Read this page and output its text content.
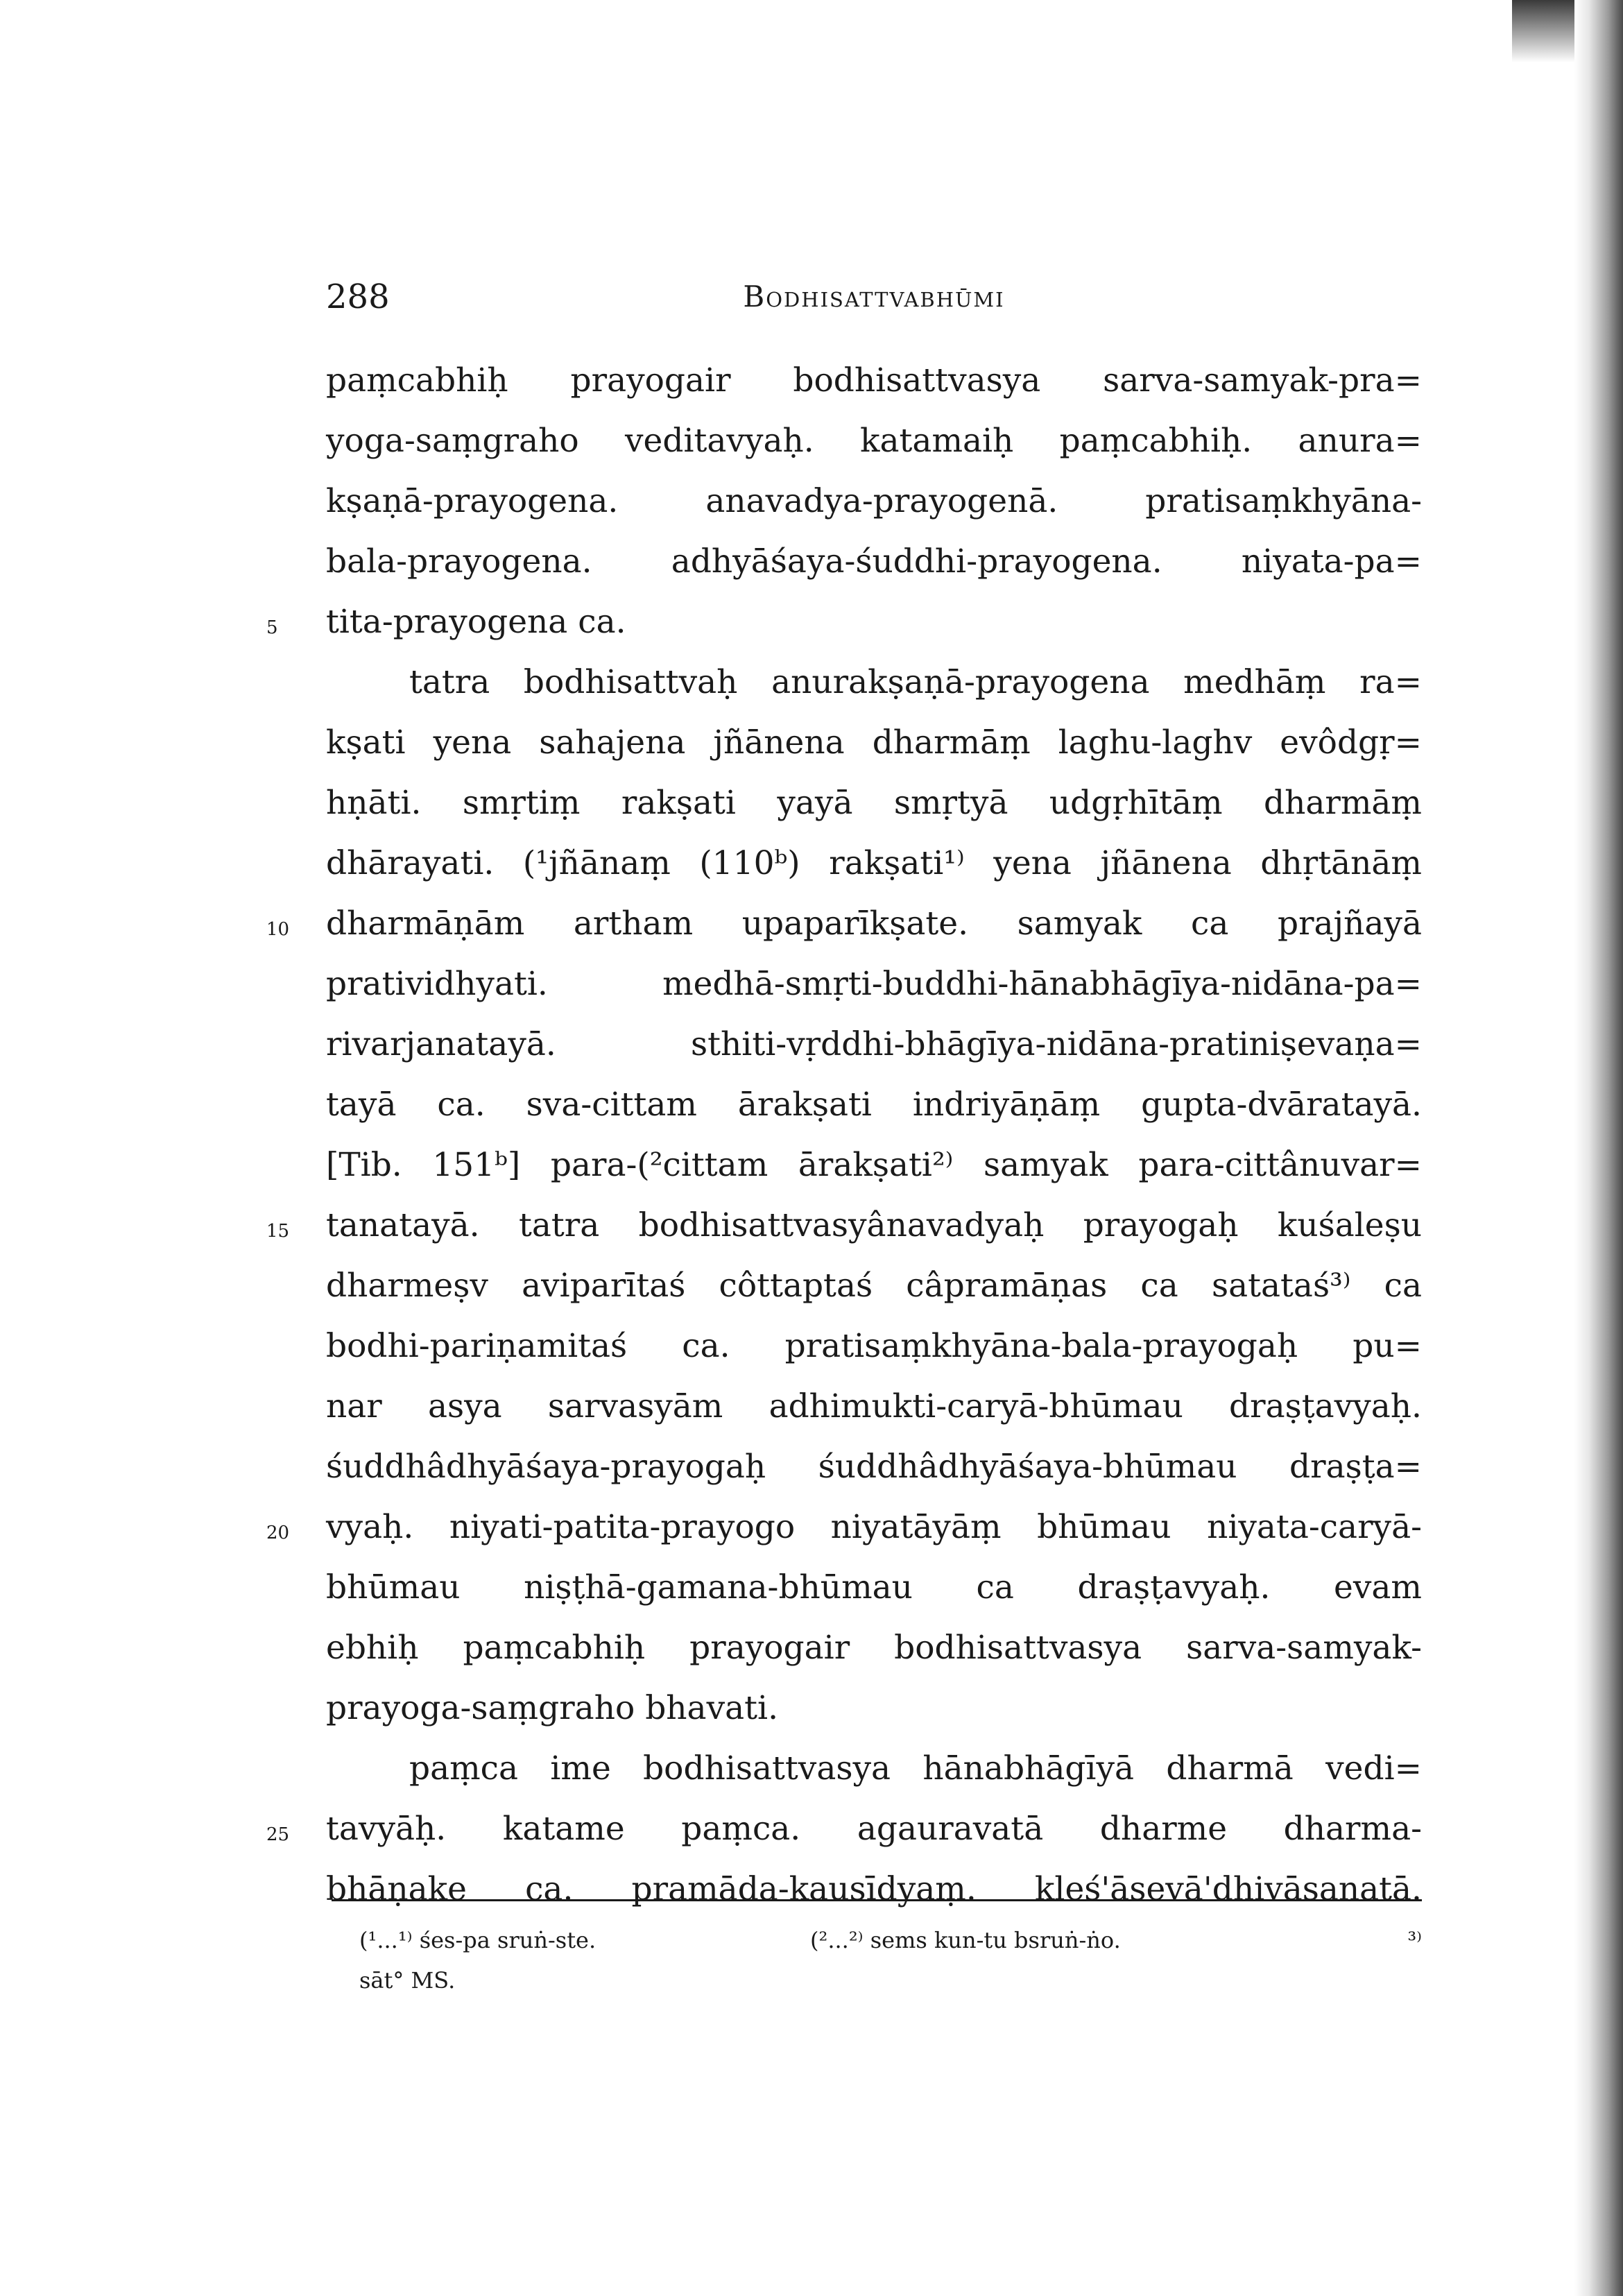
288	Bodhisattvabhūmi
paṃcabhiḥ prayogair bodhisattvasya sarva-samyak-pra=
yoga-saṃgraho veditavyaḥ. katamaiḥ paṃcabhiḥ. anura=
kṣaṇā-prayogena. anavadya-prayogenā. pratisaṃkhyāna-
bala-prayogena. adhyāśaya-śuddhi-prayogena. niyata-pa=
5	tita-prayogena ca.
tatra bodhisattvaḥ anurakṣaṇā-prayogena medhāṃ ra=
kṣati yena sahajena jñānena dharmāṃ laghu-laghv evôdgṛ=
hṇāti. smṛtiṃ rakṣati yayā smṛtyā udgṛhītāṃ dharmāṃ
dhārayati. (¹jñānaṃ (110ᵇ) rakṣati¹⁾ yena jñānena dhṛtānāṃ
10	dharmāṇām artham upaparīkṣate. samyak ca prajñayā
pratividhyati. medhā-smṛti-buddhi-hānabhāgīya-nidāna-pa=
rivarjanatayā. sthiti-vṛddhi-bhāgīya-nidāna-pratiniṣevaṇa=
tayā ca. sva-cittam ārakṣati indriyāṇāṃ gupta-dvāratayā.
[Tib. 151ᵇ] para-(²cittam ārakṣati²⁾ samyak para-cittânuvar=
15	tanatayā. tatra bodhisattvasyânavadyaḥ prayogaḥ kuśaleṣu
dharmeṣv aviparītaś côttaptaś câpramāṇas ca satataś³⁾ ca
bodhi-pariṇamitaś ca. pratisaṃkhyāna-bala-prayogaḥ pu=
nar asya sarvasyām adhimukti-caryā-bhūmau draṣṭavyaḥ.
śuddhâdhyāśaya-prayogaḥ śuddhâdhyāśaya-bhūmau draṣṭa=
20	vyaḥ. niyati-patita-prayogo niyatāyāṃ bhūmau niyata-caryā-
bhūmau niṣṭhā-gamana-bhūmau ca draṣṭavyaḥ. evam
ebhiḥ paṃcabhiḥ prayogair bodhisattvasya sarva-samyak-
prayoga-saṃgraho bhavati.
paṃca ime bodhisattvasya hānabhāgīyā dharmā vedi=
25	tavyāḥ. katame paṃca. agauravatā dharme dharma-
bhāṇake ca. pramāda-kausīdyaṃ. kleś'āsevā'dhivāsanatā.
(¹...¹⁾ śes-pa sruṅ-ste.	(²...²⁾ sems kun-tu bsruṅ-ṅo.	³⁾
sāt° MS.
